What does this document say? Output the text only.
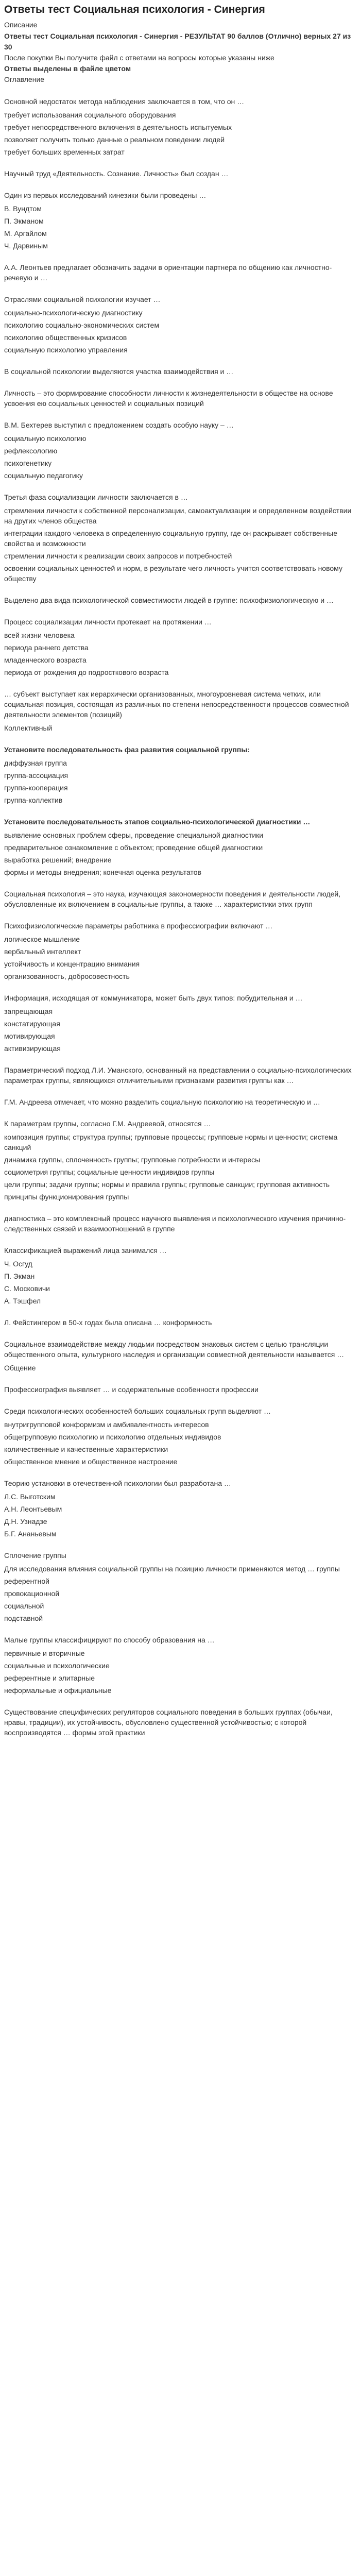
Ответы тест Социальная психология - Синергия

Описание

Ответы тест Социальная психология - Синергия - РЕЗУЛЬТАТ 90 баллов (Отлично) верных 27 из 30

После покупки Вы получите файл с ответами на вопросы которые указаны ниже

Ответы выделены в файле цветом

Оглавление

Основной недостаток метода наблюдения заключается в том, что он …

требует использования социального оборудования

требует непосредственного включения в деятельность испытуемых

позволяет получить только данные о реальном поведении людей

требует больших временных затрат

Научный труд «Деятельность. Сознание. Личность» был создан …

Один из первых исследований кинезики были проведены …

В. Вундтом

П. Экманом

М. Аргайлом

Ч. Дарвиным

А.А. Леонтьев предлагает обозначить задачи в ориентации партнера по общению как личностно-речевую и …

Отраслями социальной психологии изучает …

социально-психологическую диагностику

психологию социально-экономических систем

психологию общественных кризисов

социальную психологию управления

В социальной психологии выделяются участка взаимодействия и …

Личность – это формирование способности личности к жизнедеятельности в обществе на основе усвоения ею социальных ценностей и социальных позиций

В.М. Бехтерев выступил с предложением создать особую науку – …

социальную психологию

рефлексологию

психогенетику

социальную педагогику

Третья фаза социализации личности заключается в …

стремлении личности к собственной персонализации, самоактуализации и определенном воздействии на других членов общества

интеграции каждого человека в определенную социальную группу, где он раскрывает собственные свойства и возможности

стремлении личности к реализации своих запросов и потребностей

освоении социальных ценностей и норм, в результате чего личность учится соответствовать новому обществу

Выделено два вида психологической совместимости людей в группе: психофизиологическую и …

Процесс социализации личности протекает на протяжении …

всей жизни человека

периода раннего детства

младенческого возраста

периода от рождения до подросткового возраста

… субъект выступает как иерархически организованных, многоуровневая система четких, или социальная позиция, состоящая из различных по степени непосредственности процессов совместной деятельности элементов (позиций)

Коллективный

Установите последовательность фаз развития социальной группы:

диффузная группа

группа-ассоциация

группа-кооперация

группа-коллектив

Установите последовательность этапов социально-психологической диагностики …

выявление основных проблем сферы, проведение специальной диагностики

предварительное ознакомление с объектом; проведение общей диагностики

выработка решений; внедрение

формы и методы внедрения; конечная оценка результатов

Социальная психология – это наука, изучающая закономерности поведения и деятельности людей, обусловленные их включением в социальные группы, а также … характеристики этих групп

Психофизиологические параметры работника в профессиографии включают …

логическое мышление

вербальный интеллект

устойчивость и концентрацию внимания

организованность, добросовестность

Информация, исходящая от коммуникатора, может быть двух типов: побудительная и …

запрещающая

констатирующая

мотивирующая

активизирующая

Параметрический подход Л.И. Уманского, основанный на представлении о социально-психологических параметрах группы, являющихся отличительными признаками развития группы как …

Г.М. Андреева отмечает, что можно разделить социальную психологию на теоретическую и …

К параметрам группы, согласно Г.М. Андреевой, относятся …

композиция группы; структура группы; групповые процессы; групповые нормы и ценности; система санкций

динамика группы, сплоченность группы; групповые потребности и интересы

социометрия группы; социальные ценности индивидов группы

цели группы; задачи группы; нормы и правила группы; групповые санкции; групповая активность

принципы функционирования группы

диагностика – это комплексный процесс научного выявления и психологического изучения причинно-следственных связей и взаимоотношений в группе

Классификацией выражений лица занимался …

Ч. Осгуд

П. Экман

С. Московичи

А. Тэшфел

Л. Фейстингером в 50-х годах была описана … конформность

Социальное взаимодействие между людьми посредством знаковых систем с целью трансляции общественного опыта, культурного наследия и организации совместной деятельности называется …

Общение

Профессиография выявляет … и содержательные особенности профессии

Среди психологических особенностей больших социальных групп выделяют …

внутригрупповой конформизм и амбивалентность интересов

общегрупповую психологию и психологию отдельных индивидов

количественные и качественные характеристики

общественное мнение и общественное настроение

Теорию установки в отечественной психологии был разработана …

Л.С. Выготским

А.Н. Леонтьевым

Д.Н. Узнадзе

Б.Г. Ананьевым

Сплочение группы

Для исследования влияния социальной группы на позицию личности применяются метод … группы

референтной

провокационной

социальной

подставной

Малые группы классифицируют по способу образования на …

первичные и вторичные

социальные и психологические

референтные и элитарные

неформальные и официальные

Существование специфических регуляторов социального поведения в больших группах (обычаи, нравы, традиции), их устойчивость, обусловлено существенной устойчивостью; с которой воспроизводятся … формы этой практики
